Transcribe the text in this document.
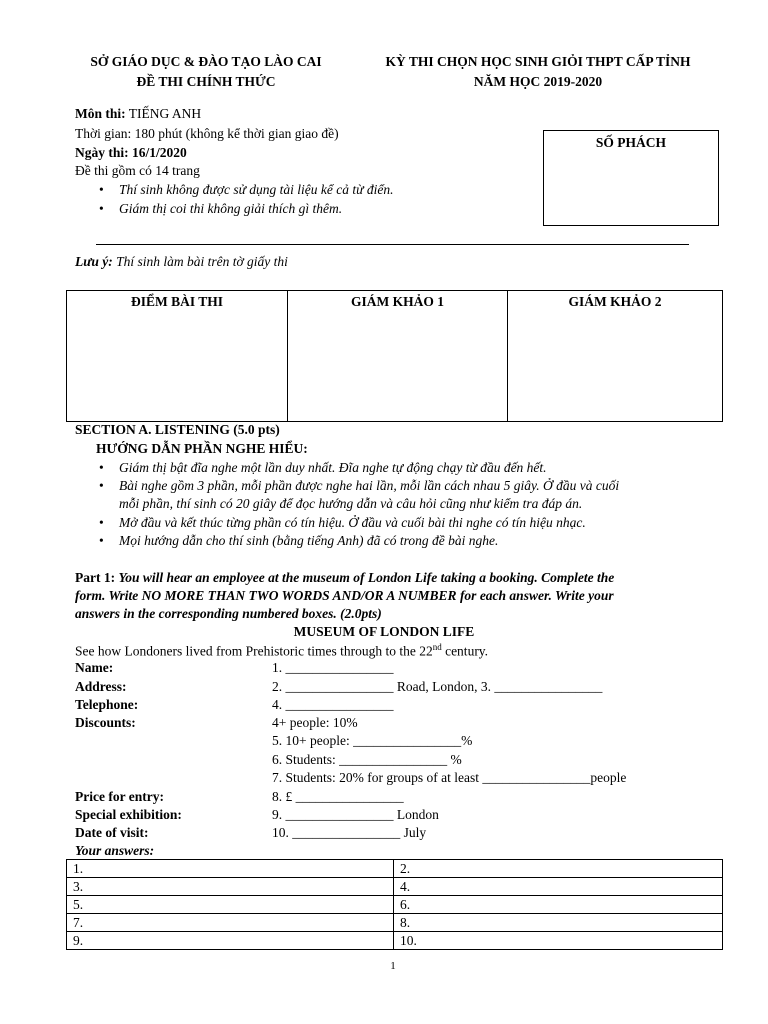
SỞ GIÁO DỤC & ĐÀO TẠO LÀO CAI
ĐỀ THI CHÍNH THỨC
KỲ THI CHỌN HỌC SINH GIỎI THPT CẤP TỈNH
NĂM HỌC 2019-2020
Môn thi: TIẾNG ANH
Thời gian: 180 phút (không kể thời gian giao đề)
Ngày thi: 16/1/2020
Đề thi gồm có 14 trang
• Thí sinh không được sử dụng tài liệu kể cả từ điển.
• Giám thị coi thi không giải thích gì thêm.
SỐ PHÁCH
Lưu ý: Thí sinh làm bài trên tờ giấy thi
ĐIỂM BÀI THI	GIÁM KHẢO 1	GIÁM KHẢO 2
SECTION A. LISTENING (5.0 pts)
HƯỚNG DẪN PHẦN NGHE HIỂU:
• Giám thị bật đĩa nghe một lần duy nhất. Đĩa nghe tự động chạy từ đầu đến hết.
• Bài nghe gồm 3 phần, mỗi phần được nghe hai lần, mỗi lần cách nhau 5 giây. Ở đầu và cuối
mỗi phần, thí sinh có 20 giây để đọc hướng dẫn và câu hỏi cũng như kiểm tra đáp án.
• Mở đầu và kết thúc từng phần có tín hiệu. Ở đầu và cuối bài thi nghe có tín hiệu nhạc.
• Mọi hướng dẫn cho thí sinh (bằng tiếng Anh) đã có trong đề bài nghe.
Part 1: You will hear an employee at the museum of London Life taking a booking. Complete the
form. Write NO MORE THAN TWO WORDS AND/OR A NUMBER for each answer. Write your
answers in the corresponding numbered boxes. (2.0pts)
MUSEUM OF LONDON LIFE
See how Londoners lived from Prehistoric times through to the 22nd century.
Name:	1. ________________
Address:	2. ________________ Road, London, 3. ________________
Telephone:	4. ________________
Discounts:	4+ people: 10%
5. 10+ people: ________________%
6. Students: ________________ %
7. Students: 20% for groups of at least ________________people
Price for entry:	8. £ ________________
Special exhibition:	9. ________________ London
Date of visit:	10. ________________ July
Your answers:
1.	2.
3.	4.
5.	6.
7.	8.
9.	10.
1
